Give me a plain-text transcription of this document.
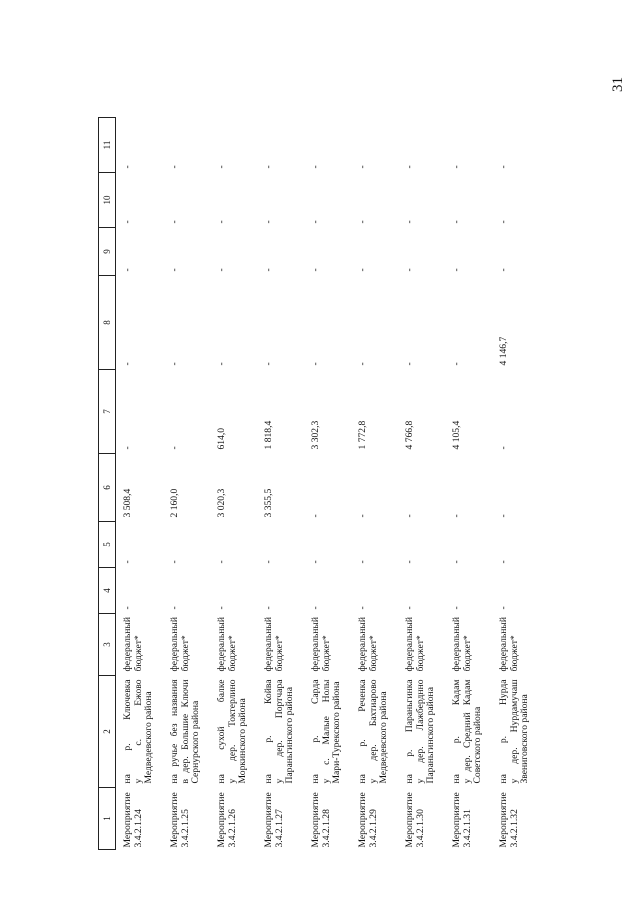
31
1	2	3	4	5	6	7	8	9	10	11
Мероприятие 3.4.2.1.24	на р. Ключевка у с. Ежово Медведевского района	федеральный бюджет*	-	-	3 508,4	-	-	-	-	-
Мероприятие 3.4.2.1.25	на ручье без названия в дер. Большие Ключи Сернурского района	федеральный бюджет*	-	-	2 160,0	-	-	-	-	-
Мероприятие 3.4.2.1.26	на сухой балке у дер. Токтерлино Моркинского района	федеральный бюджет*	-	-	3 020,3	614,0	-	-	-	-
Мероприятие 3.4.2.1.27	на р. Койва у дер. Портчара Параньгинского района	федеральный бюджет*	-	-	3 355,5	1 818,4	-	-	-	-
Мероприятие 3.4.2.1.28	на р. Сарда у с. Малые Нолы Мари-Турекского района	федеральный бюджет*	-	-	-	3 302,3	-	-	-	-
Мероприятие 3.4.2.1.29	на р. Реченка у дер. Бахтиарово Медведевского района	федеральный бюджет*	-	-	-	1 772,8	-	-	-	-
Мероприятие 3.4.2.1.30	на р. Параньгинка у дер. Лажберднно Параньгинского района	федеральный бюджет*	-	-	-	4 766,8	-	-	-	-
Мероприятие 3.4.2.1.31	на р. Кадам у дер. Средний Кадам Советского района	федеральный бюджет*	-	-	-	4 105,4	-	-	-	-
Мероприятие 3.4.2.1.32	на р. Нурда у дер. Нурдамучаш Звениговского района	федеральный бюджет*	-	-	-	-	4 146,7	-	-	-
